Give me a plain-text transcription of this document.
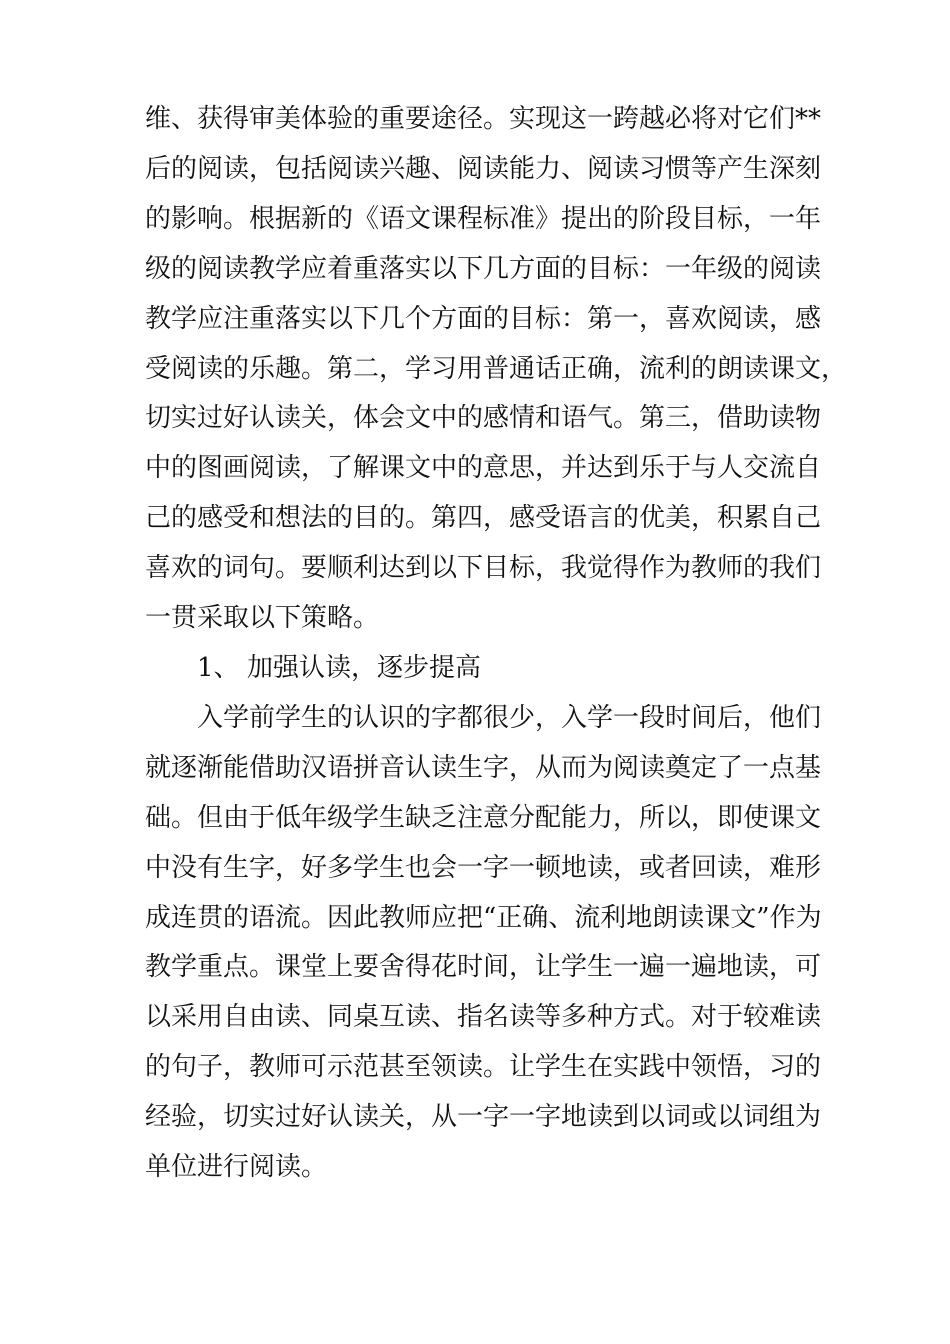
维、获得审美体验的重要途径。实现这一跨越必将对它们**
后的阅读，包括阅读兴趣、阅读能力、阅读习惯等产生深刻
的影响。根据新的《语文课程标准》提出的阶段目标，一年
级的阅读教学应着重落实以下几方面的目标：一年级的阅读
教学应注重落实以下几个方面的目标：第一，喜欢阅读，感
受阅读的乐趣。第二，学习用普通话正确，流利的朗读课文，
切实过好认读关，体会文中的感情和语气。第三，借助读物
中的图画阅读，了解课文中的意思，并达到乐于与人交流自
己的感受和想法的目的。第四，感受语言的优美，积累自己
喜欢的词句。要顺利达到以下目标，我觉得作为教师的我们
一贯采取以下策略。
1、 加强认读，逐步提高
入学前学生的认识的字都很少，入学一段时间后，他们
就逐渐能借助汉语拼音认读生字，从而为阅读奠定了一点基
础。但由于低年级学生缺乏注意分配能力，所以，即使课文
中没有生字，好多学生也会一字一顿地读，或者回读，难形
成连贯的语流。因此教师应把“正确、流利地朗读课文”作为
教学重点。课堂上要舍得花时间，让学生一遍一遍地读，可
以采用自由读、同桌互读、指名读等多种方式。对于较难读
的句子，教师可示范甚至领读。让学生在实践中领悟，习的
经验，切实过好认读关，从一字一字地读到以词或以词组为
单位进行阅读。
